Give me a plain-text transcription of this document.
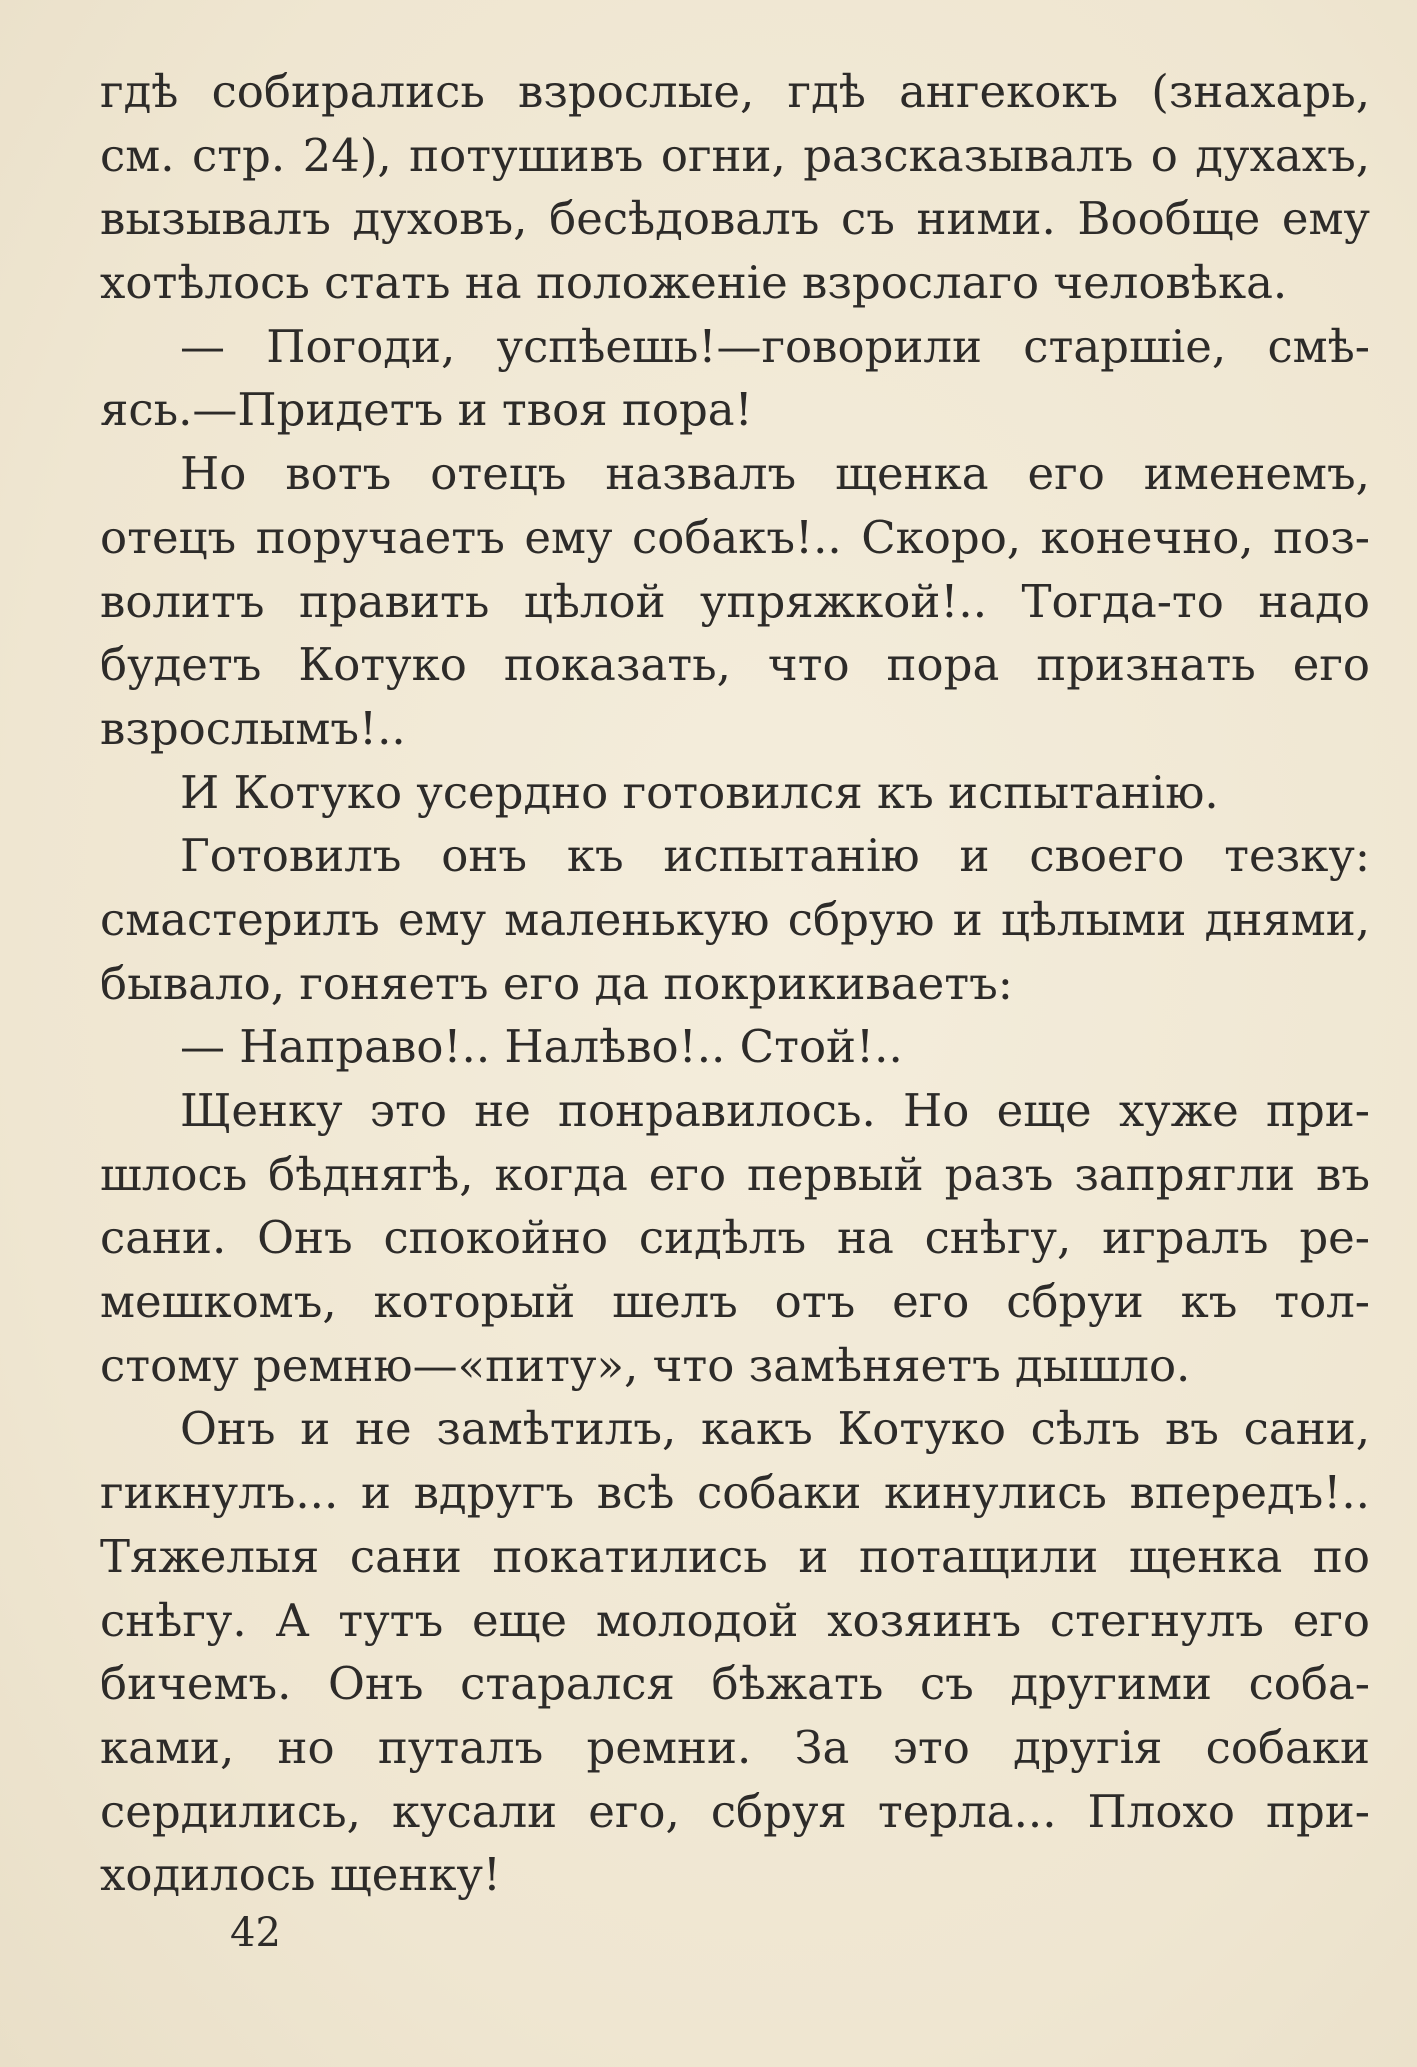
гдѣ собирались взрослые, гдѣ ангекокъ (знахарь,
см. стр. 24), потушивъ огни, разсказывалъ о духахъ,
вызывалъ духовъ, бесѣдовалъ съ ними. Вообще ему
хотѣлось стать на положеніе взрослаго человѣка.
— Погоди, успѣешь!—говорили старшіе, смѣ-
ясь.—Придетъ и твоя пора!
Но вотъ отецъ назвалъ щенка его именемъ,
отецъ поручаетъ ему собакъ!.. Скоро, конечно, поз-
волитъ править цѣлой упряжкой!.. Тогда-то надо
будетъ Котуко показать, что пора признать его
взрослымъ!..
И Котуко усердно готовился къ испытанію.
Готовилъ онъ къ испытанію и своего тезку:
смастерилъ ему маленькую сбрую и цѣлыми днями,
бывало, гоняетъ его да покрикиваетъ:
— Направо!.. Налѣво!.. Стой!..
Щенку это не понравилось. Но еще хуже при-
шлось бѣднягѣ, когда его первый разъ запрягли въ
сани. Онъ спокойно сидѣлъ на снѣгу, игралъ ре-
мешкомъ, который шелъ отъ его сбруи къ тол-
стому ремню—«питу», что замѣняетъ дышло.
Онъ и не замѣтилъ, какъ Котуко сѣлъ въ сани,
гикнулъ... и вдругъ всѣ собаки кинулись впередъ!..
Тяжелыя сани покатились и потащили щенка по
снѣгу. А тутъ еще молодой хозяинъ стегнулъ его
бичемъ. Онъ старался бѣжать съ другими соба-
ками, но путалъ ремни. За это другія собаки
сердились, кусали его, сбруя терла... Плохо при-
ходилось щенку!
42
